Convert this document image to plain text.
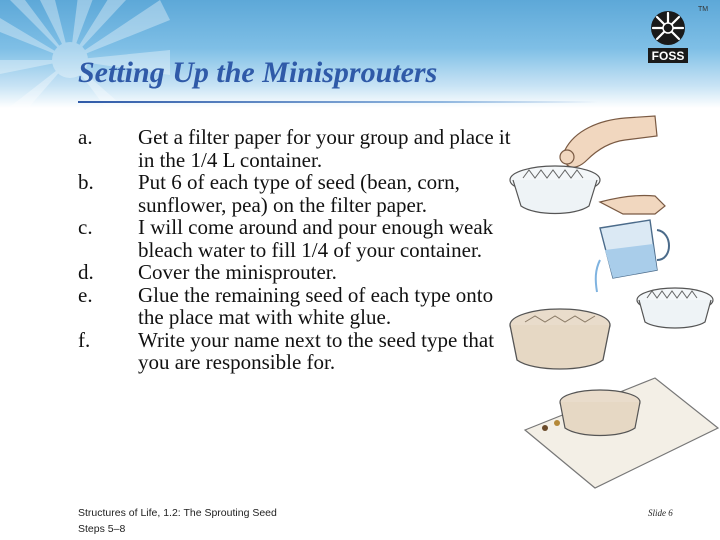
TM
FOSS
Setting Up the Minisprouters
a.	Get a filter paper for your group and place it in the 1/4 L container.
b.	Put 6 of each type of seed (bean, corn, sunflower, pea) on the filter paper.
c.	I will come around and pour enough weak bleach water to fill 1/4 of your container.
d.	Cover the minisprouter.
e.	Glue the remaining seed of each type onto the place mat with white glue.
f.	Write your name next to the seed type that you are responsible for.
Structures of Life, 1.2: The Sprouting Seed
Steps 5–8
Slide 6
